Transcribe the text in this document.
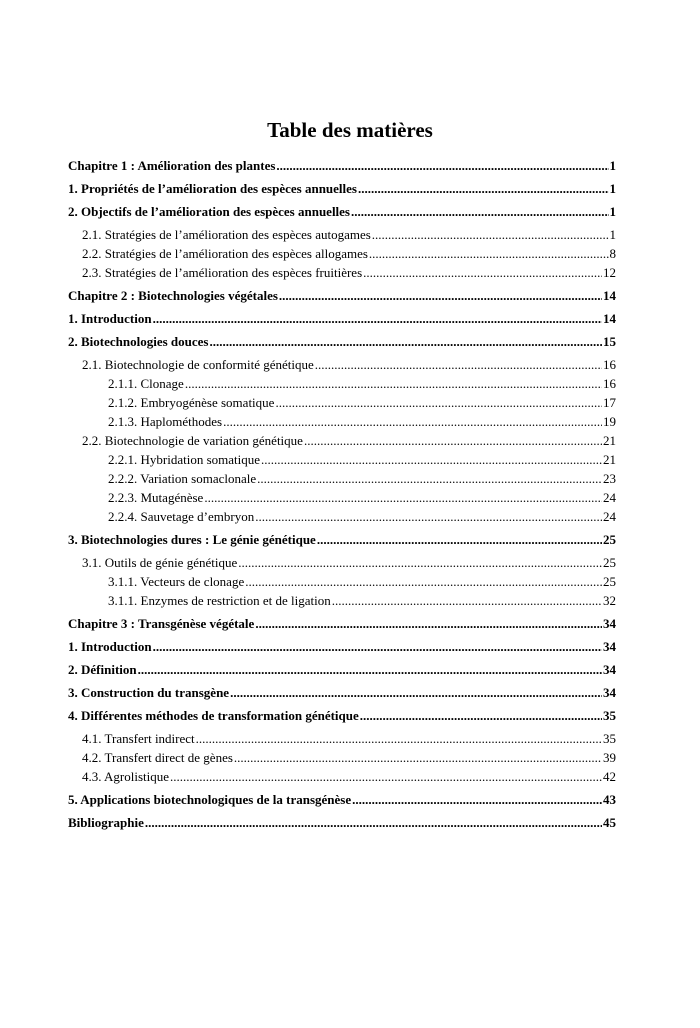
Table des matières
Chapitre 1 : Amélioration des plantes .....	1
1. Propriétés de l’amélioration des espèces annuelles .....	1
2. Objectifs de l’amélioration des espèces annuelles .....	1
2.1. Stratégies de l’amélioration des espèces autogames .....	1
2.2. Stratégies de l’amélioration des espèces allogames .....	8
2.3. Stratégies de l’amélioration des espèces fruitières .....	12
Chapitre 2 : Biotechnologies végétales .....	14
1. Introduction .....	14
2. Biotechnologies douces .....	15
2.1. Biotechnologie de conformité génétique .....	16
2.1.1. Clonage .....	16
2.1.2. Embryogénèse somatique .....	17
2.1.3. Haplométhodes .....	19
2.2. Biotechnologie de variation génétique .....	21
2.2.1. Hybridation somatique .....	21
2.2.2. Variation somaclonale .....	23
2.2.3. Mutagénèse .....	24
2.2.4. Sauvetage d’embryon .....	24
3. Biotechnologies dures : Le génie génétique .....	25
3.1. Outils de génie génétique .....	25
3.1.1. Vecteurs de clonage .....	25
3.1.1. Enzymes de restriction et de ligation .....	32
Chapitre 3 : Transgénèse végétale .....	34
1. Introduction .....	34
2. Définition .....	34
3. Construction du transgène .....	34
4. Différentes méthodes de transformation génétique .....	35
4.1. Transfert indirect .....	35
4.2. Transfert direct de gènes .....	39
4.3. Agrolistique .....	42
5. Applications biotechnologiques de la transgénèse .....	43
Bibliographie .....	45
